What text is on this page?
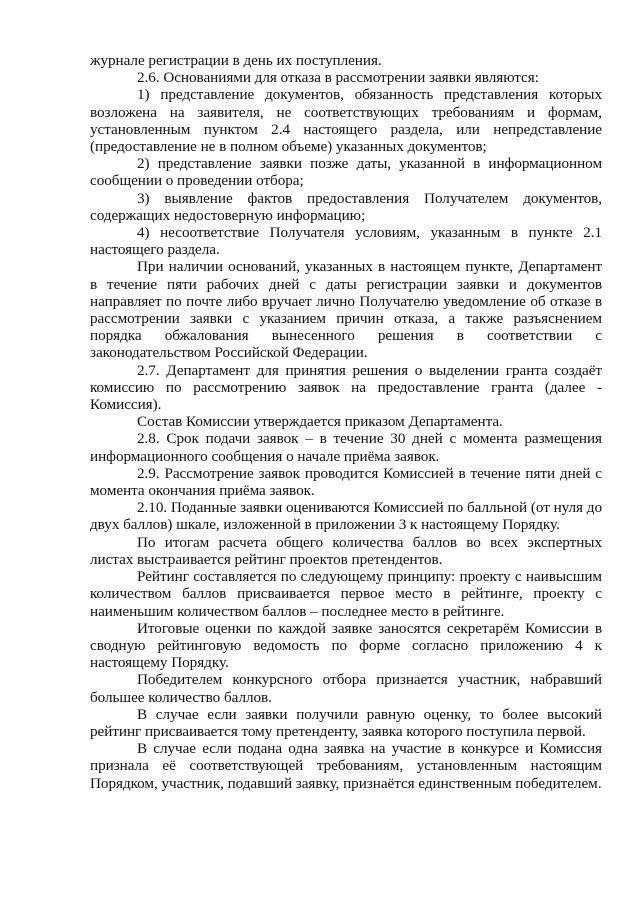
журнале регистрации в день их поступления.

2.6. Основаниями для отказа в рассмотрении заявки являются:

1) представление документов, обязанность представления которых возложена на заявителя, не соответствующих требованиям и формам, установленным пунктом 2.4 настоящего раздела, или непредставление (предоставление не в полном объеме) указанных документов;

2) представление заявки позже даты, указанной в информационном сообщении о проведении отбора;

3) выявление фактов предоставления Получателем документов, содержащих недостоверную информацию;

4) несоответствие Получателя условиям, указанным в пункте 2.1 настоящего раздела.

При наличии оснований, указанных в настоящем пункте, Департамент в течение пяти рабочих дней с даты регистрации заявки и документов направляет по почте либо вручает лично Получателю уведомление об отказе в рассмотрении заявки с указанием причин отказа, а также разъяснением порядка обжалования вынесенного решения в соответствии с законодательством Российской Федерации.

2.7. Департамент для принятия решения о выделении гранта создаёт комиссию по рассмотрению заявок на предоставление гранта (далее - Комиссия).

Состав Комиссии утверждается приказом Департамента.

2.8. Срок подачи заявок – в течение 30 дней с момента размещения информационного сообщения о начале приёма заявок.

2.9. Рассмотрение заявок проводится Комиссией в течение пяти дней с момента окончания приёма заявок.

2.10. Поданные заявки оцениваются Комиссией по балльной (от нуля до двух баллов) шкале, изложенной в приложении 3 к настоящему Порядку.

По итогам расчета общего количества баллов во всех экспертных листах выстраивается рейтинг проектов претендентов.

Рейтинг составляется по следующему принципу: проекту с наивысшим количеством баллов присваивается первое место в рейтинге, проекту с наименьшим количеством баллов – последнее место в рейтинге.

Итоговые оценки по каждой заявке заносятся секретарём Комиссии в сводную рейтинговую ведомость по форме согласно приложению 4 к настоящему Порядку.

Победителем конкурсного отбора признается участник, набравший большее количество баллов.

В случае если заявки получили равную оценку, то более высокий рейтинг присваивается тому претенденту, заявка которого поступила первой.

В случае если подана одна заявка на участие в конкурсе и Комиссия признала её соответствующей требованиям, установленным настоящим Порядком, участник, подавший заявку, признаётся единственным победителем.
